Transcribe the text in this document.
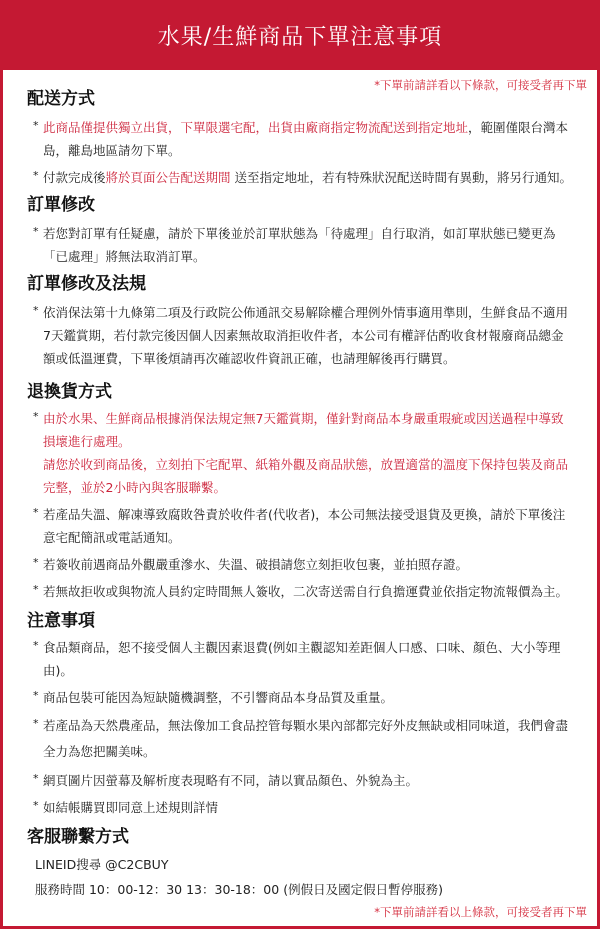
水果/生鮮商品下單注意事項
*下單前請詳看以下條款，可接受者再下單
配送方式
* 此商品僅提供獨立出貨，下單限選宅配，出貨由廠商指定物流配送到指定地址，範圍僅限台灣本島，離島地區請勿下單。
* 付款完成後將於頁面公告配送期間 送至指定地址，若有特殊狀況配送時間有異動，將另行通知。
訂單修改
* 若您對訂單有任疑慮，請於下單後並於訂單狀態為「待處理」自行取消，如訂單狀態已變更為「已處理」將無法取消訂單。
訂單修改及法規
* 依消保法第十九條第二項及行政院公佈通訊交易解除權合理例外情事適用準則，生鮮食品不適用7天鑑賞期，若付款完後因個人因素無故取消拒收件者，本公司有權評估酌收食材報廢商品總金額或低溫運費，下單後煩請再次確認收件資訊正確，也請理解後再行購買。
退換貨方式
* 由於水果、生鮮商品根據消保法規定無7天鑑賞期，僅針對商品本身嚴重瑕疵或因送過程中導致損壞進行處理。
請您於收到商品後，立刻拍下宅配單、紙箱外觀及商品狀態，放置適當的溫度下保持包裝及商品完整，並於2小時內與客服聯繫。
* 若產品失溫、解凍導致腐敗咎責於收件者(代收者)，本公司無法接受退貨及更換，請於下單後注意宅配簡訊或電話通知。
* 若簽收前遇商品外觀嚴重滲水、失溫、破損請您立刻拒收包裹，並拍照存證。
* 若無故拒收或與物流人員約定時間無人簽收，二次寄送需自行負擔運費並依指定物流報價為主。
注意事項
* 食品類商品，恕不接受個人主觀因素退費(例如主觀認知差距個人口感、口味、顏色、大小等理由)。
* 商品包裝可能因為短缺隨機調整，不引響商品本身品質及重量。
* 若產品為天然農產品，無法像加工食品控管每顆水果內部都完好外皮無缺或相同味道，我們會盡全力為您把關美味。
* 網頁圖片因螢幕及解析度表現略有不同，請以實品顏色、外貌為主。
* 如結帳購買即同意上述規則詳情
客服聯繫方式
LINEID搜尋 @C2CBUY
服務時間 10：00-12：30 13：30-18：00 (例假日及國定假日暫停服務)
*下單前請詳看以上條款，可接受者再下單
